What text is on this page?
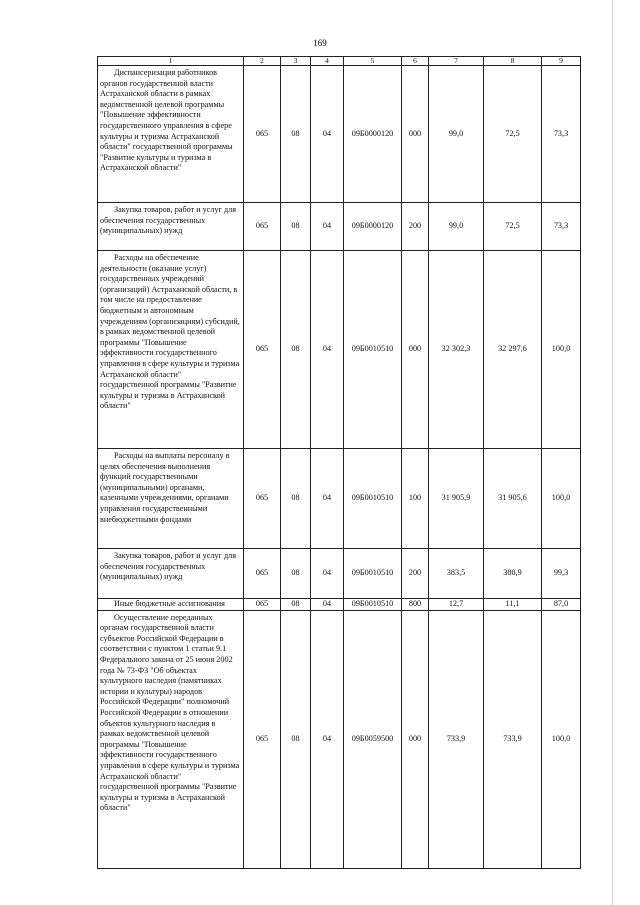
169
1	2	3	4	5	6	7	8	9
Диспансеризация работников органов государственной власти Астраханской области в рамках ведомственной целевой программы "Повышение эффективности государственного управления в сфере культуры и туризма Астраханской области" государственной программы "Развитие культуры и туризма в Астраханской области"	065	08	04	09Б0000120	000	99,0	72,5	73,3
Закупка товаров, работ и услуг для обеспечения государственных (муниципальных) нужд	065	08	04	09Б0000120	200	99,0	72,5	73,3
Расходы на обеспечение деятельности (оказание услуг) государственных учреждений (организаций) Астраханской области, в том числе на предоставление бюджетным и автономным учреждениям (организациям) субсидий, в рамках ведомственной целевой программы "Повышение эффективности государственного управления в сфере культуры и туризма Астраханской области" государственной программы "Развитие культуры и туризма в Астраханской области"	065	08	04	09Б0010510	000	32 302,3	32 297,6	100,0
Расходы на выплаты персоналу в целях обеспечения выполнения функций государственными (муниципальными) органами, казенными учреждениями, органами управления государственными внебюджетными фондами	065	08	04	09Б0010510	100	31 905,9	31 905,6	100,0
Закупка товаров, работ и услуг для обеспечения государственных (муниципальных) нужд	065	08	04	09Б0010510	200	383,5	380,9	99,3
Иные бюджетные ассигнования	065	08	04	09Б0010510	800	12,7	11,1	87,0
Осуществление переданных органам государственной власти субъектов Российской Федерации в соответствии с пунктом 1 статьи 9.1 Федерального закона от 25 июня 2002 года № 73-ФЗ "Об объектах культурного наследия (памятниках истории и культуры) народов Российской Федерации" полномочий Российской Федерации в отношении объектов культурного наследия в рамках ведомственной целевой программы "Повышение эффективности государственного управления в сфере культуры и туризма Астраханской области" государственной программы "Развитие культуры и туризма в Астраханской области"	065	08	04	09Б0059500	000	733,9	733,9	100,0
